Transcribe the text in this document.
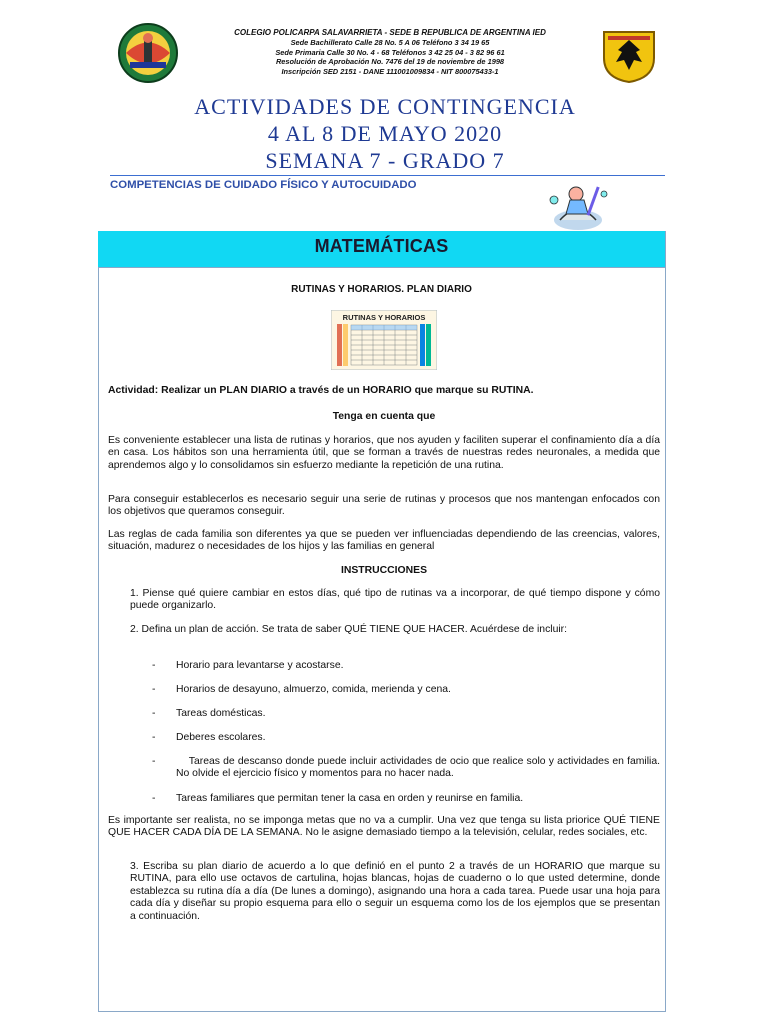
COLEGIO POLICARPA SALAVARRIETA - SEDE B REPUBLICA DE ARGENTINA IED
Sede Bachillerato Calle 28 No. 5 A 06 Teléfono 3 34 19 65
Sede Primaria Calle 30 No. 4 - 68 Teléfonos 3 42 25 04 - 3 82 96 61
Resolución de Aprobación No. 7476 del 19 de noviembre de 1998
Inscripción SED 2151 - DANE 111001009834 - NIT 800075433-1
ACTIVIDADES DE CONTINGENCIA
4 AL 8 DE MAYO 2020
SEMANA 7 - GRADO 7
COMPETENCIAS DE CUIDADO FÍSICO Y AUTOCUIDADO
MATEMÁTICAS
RUTINAS Y HORARIOS. PLAN DIARIO
RUTINAS Y HORARIOS
Actividad: Realizar un PLAN DIARIO a través de un HORARIO que marque su RUTINA.
Tenga en cuenta que
Es conveniente establecer una lista de rutinas y horarios, que nos ayuden y faciliten superar el confinamiento día a día en casa. Los hábitos son una herramienta útil, que se forman a través de nuestras redes neuronales, a medida que aprendemos algo y lo consolidamos sin esfuerzo mediante la repetición de una rutina.
Para conseguir establecerlos es necesario seguir una serie de rutinas y procesos que nos mantengan enfocados con los objetivos que queramos conseguir.
Las reglas de cada familia son diferentes ya que se pueden ver influenciadas dependiendo de las creencias, valores, situación, madurez o necesidades de los hijos y las familias en general
INSTRUCCIONES
1. Piense qué quiere cambiar en estos días, qué tipo de rutinas va a incorporar, de qué tiempo dispone y cómo puede organizarlo.
2. Defina un plan de acción. Se trata de saber QUÉ TIENE QUE HACER. Acuérdese de incluir:
- Horario para levantarse y acostarse.
- Horarios de desayuno, almuerzo, comida, merienda y cena.
- Tareas domésticas.
- Deberes escolares.
- Tareas de descanso donde puede incluir actividades de ocio que realice solo y actividades en familia. No olvide el ejercicio físico y momentos para no hacer nada.
- Tareas familiares que permitan tener la casa en orden y reunirse en familia.
Es importante ser realista, no se imponga metas que no va a cumplir. Una vez que tenga su lista priorice QUÉ TIENE QUE HACER CADA DÍA DE LA SEMANA. No le asigne demasiado tiempo a la televisión, celular, redes sociales, etc.
3. Escriba su plan diario de acuerdo a lo que definió en el punto 2 a través de un HORARIO que marque su RUTINA, para ello use octavos de cartulina, hojas blancas, hojas de cuaderno o lo que usted determine, donde establezca su rutina día a día (De lunes a domingo), asignando una hora a cada tarea. Puede usar una hoja para cada día y diseñar su propio esquema para ello o seguir un esquema como los de los ejemplos que se presentan a continuación.
